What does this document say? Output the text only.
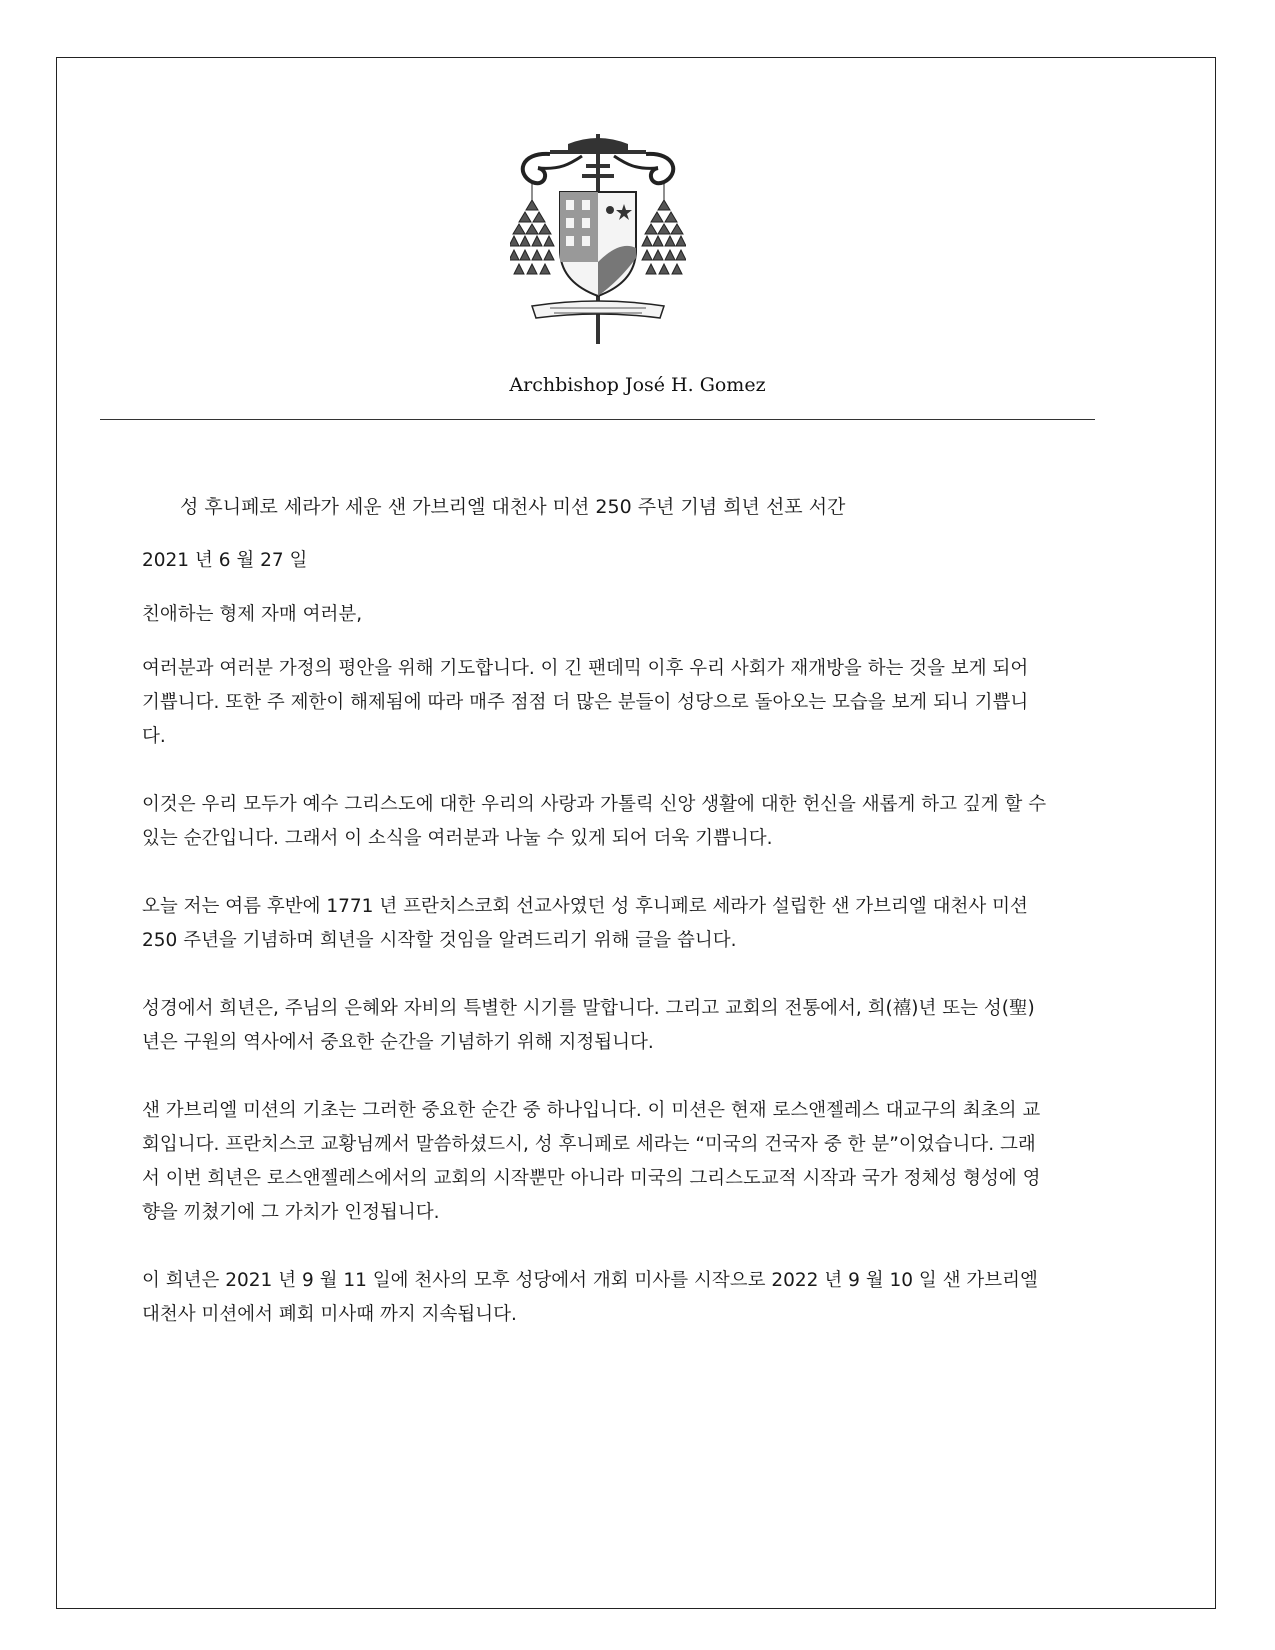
Archbishop José H. Gomez

성 후니페로 세라가 세운 샌 가브리엘 대천사 미션 250 주년 기념 희년 선포 서간

2021 년 6 월 27 일

친애하는 형제 자매 여러분,

여러분과 여러분 가정의 평안을 위해 기도합니다. 이 긴 팬데믹 이후 우리 사회가 재개방을 하는 것을 보게 되어 기쁩니다. 또한 주 제한이 해제됨에 따라 매주 점점 더 많은 분들이 성당으로 돌아오는 모습을 보게 되니 기쁩니다.

이것은 우리 모두가 예수 그리스도에 대한 우리의 사랑과 가톨릭 신앙 생활에 대한 헌신을 새롭게 하고 깊게 할 수 있는 순간입니다. 그래서 이 소식을 여러분과 나눌 수 있게 되어 더욱 기쁩니다.

오늘 저는 여름 후반에 1771 년 프란치스코회 선교사였던 성 후니페로 세라가 설립한 샌 가브리엘 대천사 미션 250 주년을 기념하며 희년을 시작할 것임을 알려드리기 위해 글을 씁니다.

성경에서 희년은, 주님의 은혜와 자비의 특별한 시기를 말합니다. 그리고 교회의 전통에서, 희(禧)년 또는 성(聖)년은 구원의 역사에서 중요한 순간을 기념하기 위해 지정됩니다.

샌 가브리엘 미션의 기초는 그러한 중요한 순간 중 하나입니다. 이 미션은 현재 로스앤젤레스 대교구의 최초의 교회입니다. 프란치스코 교황님께서 말씀하셨드시, 성 후니페로 세라는 “미국의 건국자 중 한 분”이었습니다. 그래서 이번 희년은 로스앤젤레스에서의 교회의 시작뿐만 아니라 미국의 그리스도교적 시작과 국가 정체성 형성에 영향을 끼쳤기에 그 가치가 인정됩니다.

이 희년은 2021 년 9 월 11 일에 천사의 모후 성당에서 개회 미사를 시작으로 2022 년 9 월 10 일 샌 가브리엘 대천사 미션에서 폐회 미사때 까지 지속됩니다.
